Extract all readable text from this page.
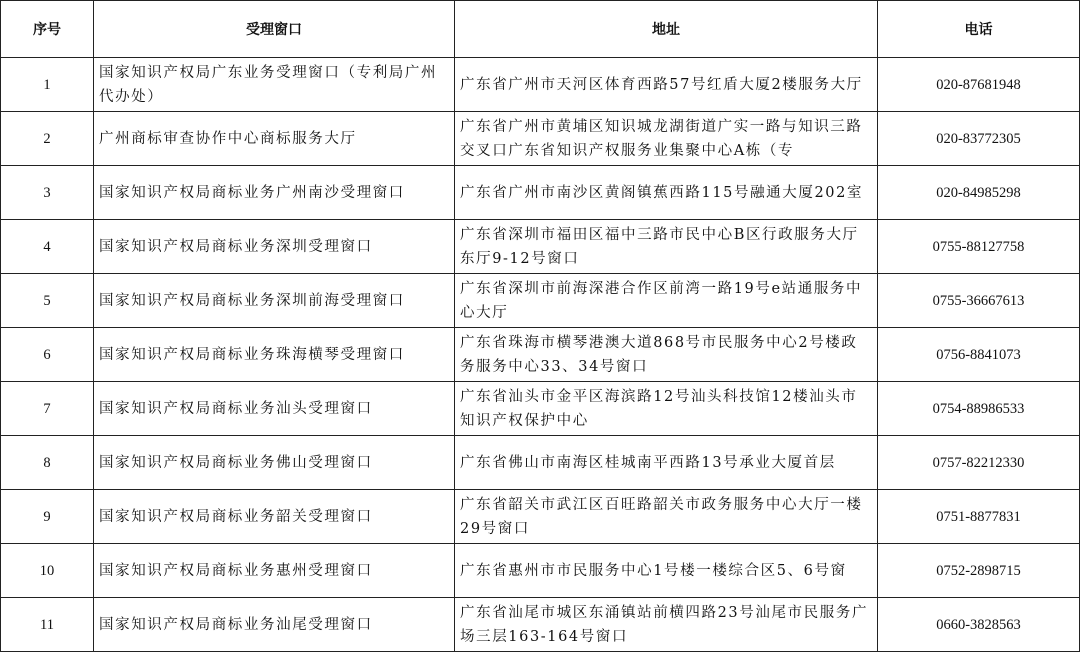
序号	受理窗口	地址	电话

1	国家知识产权局广东业务受理窗口（专利局广州代办处）	广东省广州市天河区体育西路57号红盾大厦2楼服务大厅	020-87681948

2	广州商标审查协作中心商标服务大厅	广东省广州市黄埔区知识城龙湖街道广实一路与知识三路交叉口广东省知识产权服务业集聚中心A栋（专	020-83772305

3	国家知识产权局商标业务广州南沙受理窗口	广东省广州市南沙区黄阁镇蕉西路115号融通大厦202室	020-84985298

4	国家知识产权局商标业务深圳受理窗口	广东省深圳市福田区福中三路市民中心B区行政服务大厅东厅9-12号窗口	0755-88127758

5	国家知识产权局商标业务深圳前海受理窗口	广东省深圳市前海深港合作区前湾一路19号e站通服务中心大厅	0755-36667613

6	国家知识产权局商标业务珠海横琴受理窗口	广东省珠海市横琴港澳大道868号市民服务中心2号楼政务服务中心33、34号窗口	0756-8841073

7	国家知识产权局商标业务汕头受理窗口	广东省汕头市金平区海滨路12号汕头科技馆12楼汕头市知识产权保护中心	0754-88986533

8	国家知识产权局商标业务佛山受理窗口	广东省佛山市南海区桂城南平西路13号承业大厦首层	0757-82212330

9	国家知识产权局商标业务韶关受理窗口	广东省韶关市武江区百旺路韶关市政务服务中心大厅一楼29号窗口	0751-8877831

10	国家知识产权局商标业务惠州受理窗口	广东省惠州市市民服务中心1号楼一楼综合区5、6号窗	0752-2898715

11	国家知识产权局商标业务汕尾受理窗口	广东省汕尾市城区东涌镇站前横四路23号汕尾市民服务广场三层163-164号窗口	0660-3828563
